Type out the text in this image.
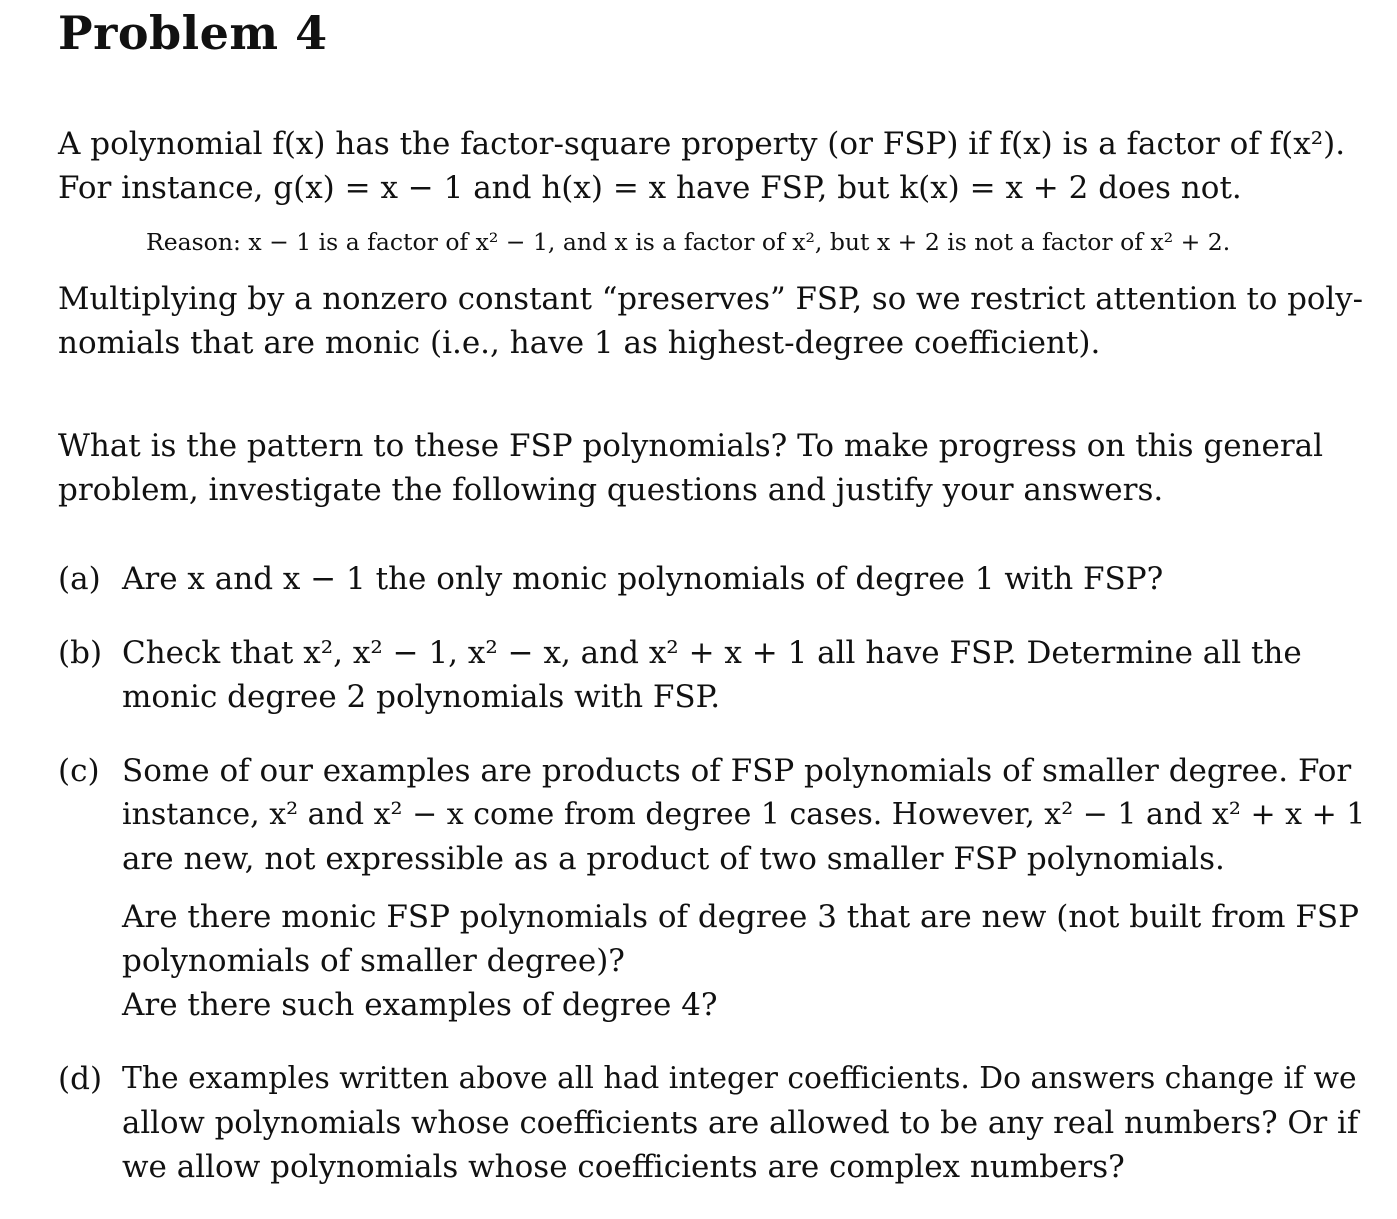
Problem 4

A polynomial f(x) has the factor-square property (or FSP) if f(x) is a factor of f(x²).

For instance, g(x) = x − 1 and h(x) = x have FSP, but k(x) = x + 2 does not.

Reason: x − 1 is a factor of x² − 1, and x is a factor of x², but x + 2 is not a factor of x² + 2.

Multiplying by a nonzero constant “preserves” FSP, so we restrict attention to poly-

nomials that are monic (i.e., have 1 as highest-degree coefficient).

What is the pattern to these FSP polynomials? To make progress on this general

problem, investigate the following questions and justify your answers.

(a) Are x and x − 1 the only monic polynomials of degree 1 with FSP?
(b) Check that x², x² − 1, x² − x, and x² + x + 1 all have FSP. Determine all the
monic degree 2 polynomials with FSP.
(c) Some of our examples are products of FSP polynomials of smaller degree. For
instance, x² and x² − x come from degree 1 cases. However, x² − 1 and x² + x + 1
are new, not expressible as a product of two smaller FSP polynomials.
Are there monic FSP polynomials of degree 3 that are new (not built from FSP
polynomials of smaller degree)?
Are there such examples of degree 4?
(d) The examples written above all had integer coefficients. Do answers change if we
allow polynomials whose coefficients are allowed to be any real numbers? Or if
we allow polynomials whose coefficients are complex numbers?
